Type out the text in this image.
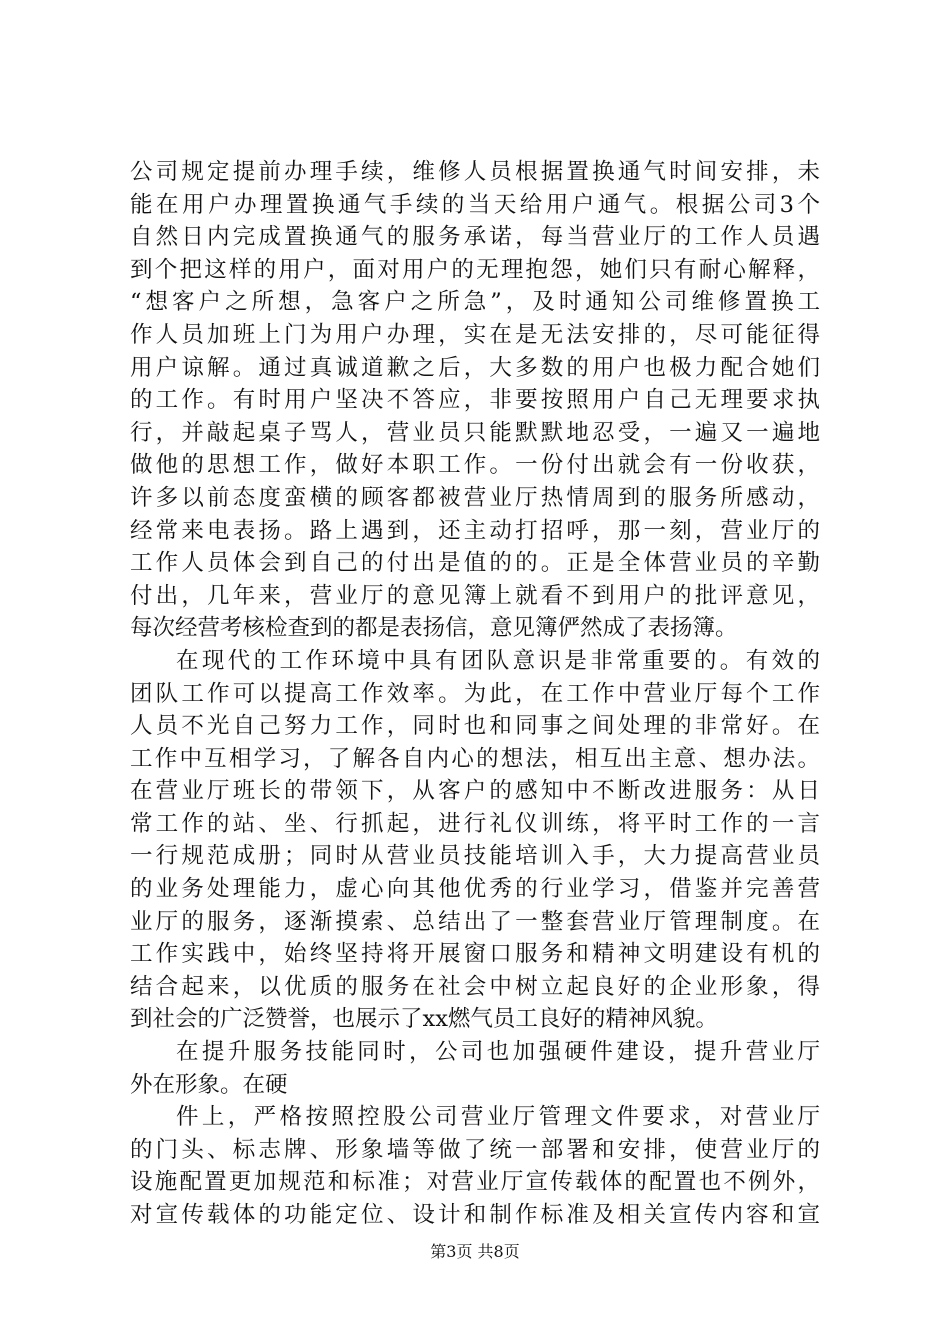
公司规定提前办理手续，维修人员根据置换通气时间安排，未
能在用户办理置换通气手续的当天给用户通气。根据公司3个
自然日内完成置换通气的服务承诺，每当营业厅的工作人员遇
到个把这样的用户，面对用户的无理抱怨，她们只有耐心解释，
“想客户之所想，急客户之所急”，及时通知公司维修置换工
作人员加班上门为用户办理，实在是无法安排的，尽可能征得
用户谅解。通过真诚道歉之后，大多数的用户也极力配合她们
的工作。有时用户坚决不答应，非要按照用户自己无理要求执
行，并敲起桌子骂人，营业员只能默默地忍受，一遍又一遍地
做他的思想工作，做好本职工作。一份付出就会有一份收获，
许多以前态度蛮横的顾客都被营业厅热情周到的服务所感动，
经常来电表扬。路上遇到，还主动打招呼，那一刻，营业厅的
工作人员体会到自己的付出是值的的。正是全体营业员的辛勤
付出，几年来，营业厅的意见簿上就看不到用户的批评意见，
每次经营考核检查到的都是表扬信，意见簿俨然成了表扬簿。
在现代的工作环境中具有团队意识是非常重要的。有效的
团队工作可以提高工作效率。为此，在工作中营业厅每个工作
人员不光自己努力工作，同时也和同事之间处理的非常好。在
工作中互相学习，了解各自内心的想法，相互出主意、想办法。
在营业厅班长的带领下，从客户的感知中不断改进服务：从日
常工作的站、坐、行抓起，进行礼仪训练，将平时工作的一言
一行规范成册；同时从营业员技能培训入手，大力提高营业员
的业务处理能力，虚心向其他优秀的行业学习，借鉴并完善营
业厅的服务，逐渐摸索、总结出了一整套营业厅管理制度。在
工作实践中，始终坚持将开展窗口服务和精神文明建设有机的
结合起来，以优质的服务在社会中树立起良好的企业形象，得
到社会的广泛赞誉，也展示了xx燃气员工良好的精神风貌。
在提升服务技能同时，公司也加强硬件建设，提升营业厅
外在形象。在硬
件上，严格按照控股公司营业厅管理文件要求，对营业厅
的门头、标志牌、形象墙等做了统一部署和安排，使营业厅的
设施配置更加规范和标准；对营业厅宣传载体的配置也不例外，
对宣传载体的功能定位、设计和制作标准及相关宣传内容和宣
第3页 共8页
